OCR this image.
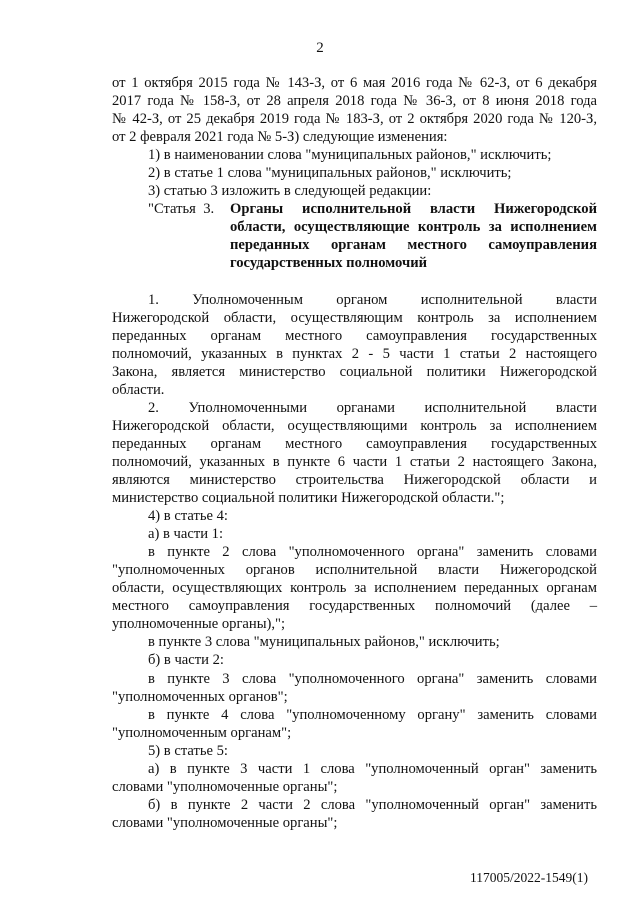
2

от 1 октября 2015 года № 143-З, от 6 мая 2016 года № 62-З, от 6 декабря

2017 года № 158-З, от 28 апреля 2018 года № 36-З, от 8 июня 2018 года

№ 42-З, от 25 декабря 2019 года № 183-З, от 2 октября 2020 года № 120-З,

от 2 февраля 2021 года № 5-З) следующие изменения:

1) в наименовании слова "муниципальных районов," исключить;

2) в статье 1 слова "муниципальных районов," исключить;

3) статью 3 изложить в следующей редакции:

"Статья  3.	Органы исполнительной власти Нижегородской
области, осуществляющие контроль за исполнением
переданных органам местного самоуправления
государственных полномочий

1. Уполномоченным органом исполнительной власти

Нижегородской области, осуществляющим контроль за исполнением

переданных органам местного самоуправления государственных

полномочий, указанных в пунктах 2 - 5 части 1 статьи 2 настоящего

Закона, является министерство социальной политики Нижегородской

области.

2. Уполномоченными органами исполнительной власти

Нижегородской области, осуществляющими контроль за исполнением

переданных органам местного самоуправления государственных

полномочий, указанных в пункте 6 части 1 статьи 2 настоящего Закона,

являются министерство строительства Нижегородской области и

министерство социальной политики Нижегородской области.";

4) в статье 4:

а) в части 1:

в пункте 2 слова "уполномоченного органа" заменить словами

"уполномоченных органов исполнительной власти Нижегородской

области, осуществляющих контроль за исполнением переданных органам

местного самоуправления государственных полномочий (далее –

уполномоченные органы),";

в пункте 3 слова "муниципальных районов," исключить;

б) в части 2:

в пункте 3 слова "уполномоченного органа" заменить словами

"уполномоченных органов";

в пункте 4 слова "уполномоченному органу" заменить словами

"уполномоченным органам";

5) в статье 5:

а) в пункте 3 части 1 слова "уполномоченный орган" заменить

словами "уполномоченные органы";

б) в пункте 2 части 2 слова "уполномоченный орган" заменить

словами "уполномоченные органы";

117005/2022-1549(1)
